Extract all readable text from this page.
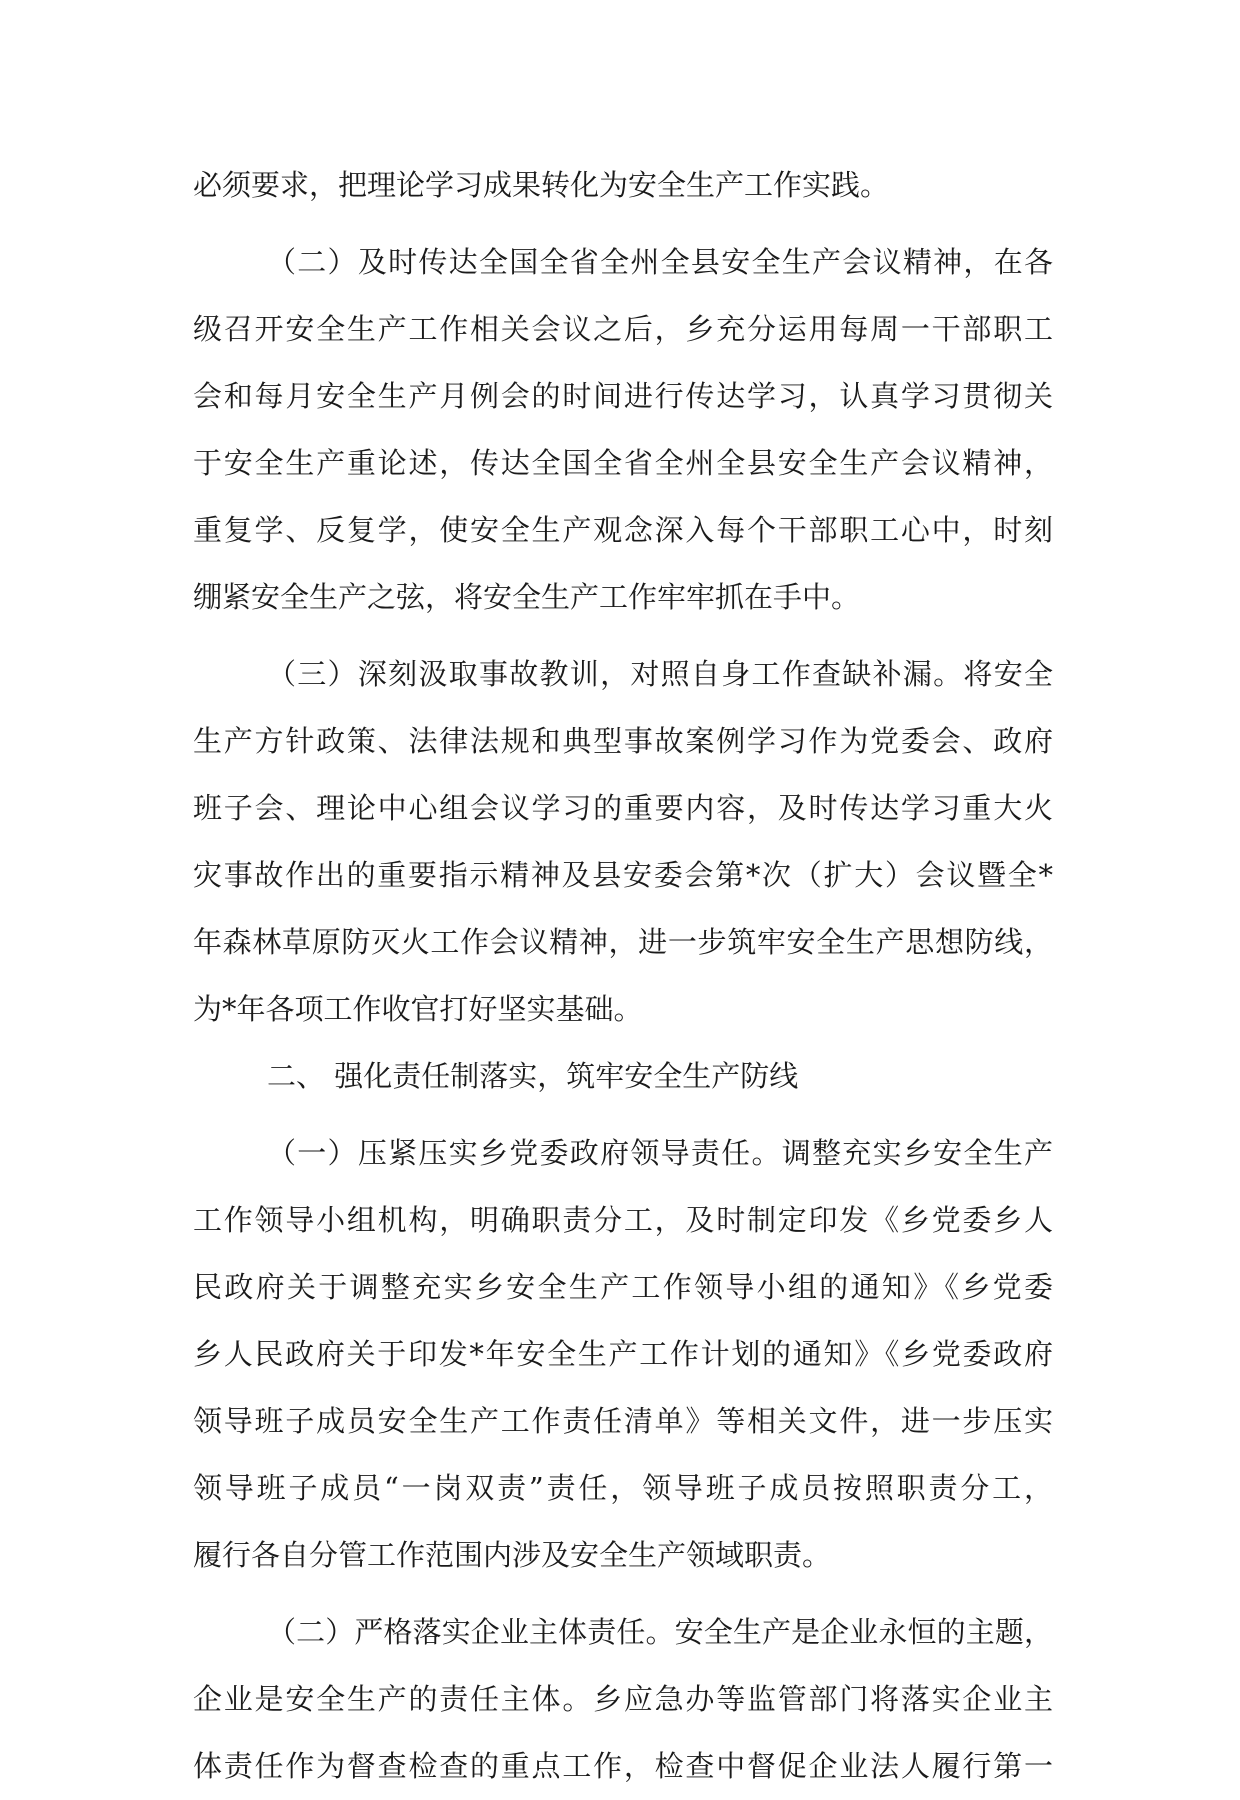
必须要求，把理论学习成果转化为安全生产工作实践。
（二）及时传达全国全省全州全县安全生产会议精神，在各
级召开安全生产工作相关会议之后，乡充分运用每周一干部职工
会和每月安全生产月例会的时间进行传达学习，认真学习贯彻关
于安全生产重论述，传达全国全省全州全县安全生产会议精神，
重复学、反复学，使安全生产观念深入每个干部职工心中，时刻
绷紧安全生产之弦，将安全生产工作牢牢抓在手中。
（三）深刻汲取事故教训，对照自身工作查缺补漏。将安全
生产方针政策、法律法规和典型事故案例学习作为党委会、政府
班子会、理论中心组会议学习的重要内容，及时传达学习重大火
灾事故作出的重要指示精神及县安委会第*次（扩大）会议暨全*
年森林草原防灭火工作会议精神，进一步筑牢安全生产思想防线，
为*年各项工作收官打好坚实基础。
二、 强化责任制落实，筑牢安全生产防线
（一）压紧压实乡党委政府领导责任。调整充实乡安全生产
工作领导小组机构，明确职责分工，及时制定印发《乡党委乡人
民政府关于调整充实乡安全生产工作领导小组的通知》《乡党委
乡人民政府关于印发*年安全生产工作计划的通知》《乡党委政府
领导班子成员安全生产工作责任清单》等相关文件，进一步压实
领导班子成员“一岗双责”责任，领导班子成员按照职责分工，
履行各自分管工作范围内涉及安全生产领域职责。
（二）严格落实企业主体责任。安全生产是企业永恒的主题，
企业是安全生产的责任主体。乡应急办等监管部门将落实企业主
体责任作为督查检查的重点工作，检查中督促企业法人履行第一
